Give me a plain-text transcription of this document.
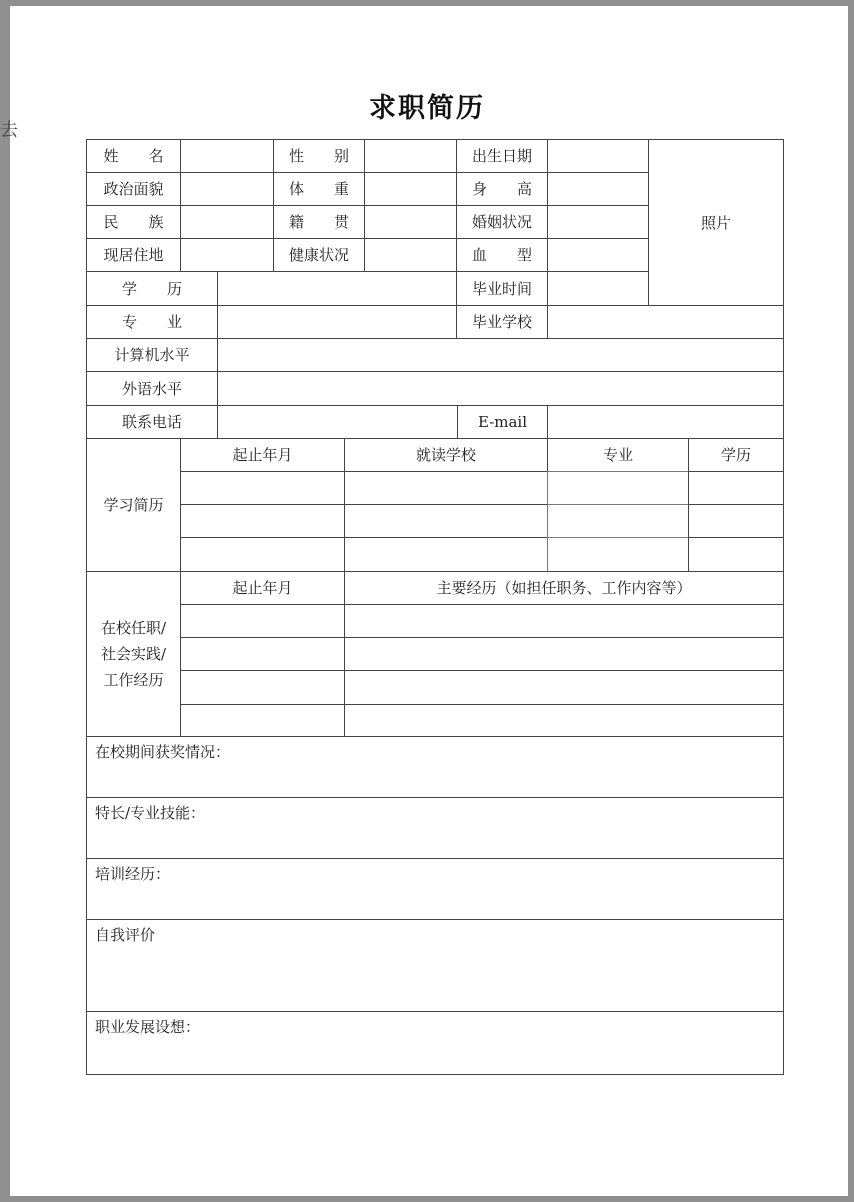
去
求职简历
姓　　名	性　　别	出生日期
照片
政治面貌	体　　重	身　　高
民　　族	籍　　贯	婚姻状况
现居住地	健康状况	血　　型
学　　历	毕业时间
专　　业	毕业学校
计算机水平
外语水平
联系电话	E-mail
学习简历
起止年月	就读学校	专业	学历
在校任职/
社会实践/
工作经历
起止年月	主要经历（如担任职务、工作内容等）
在校期间获奖情况：
特长/专业技能：
培训经历：
自我评价
职业发展设想：
